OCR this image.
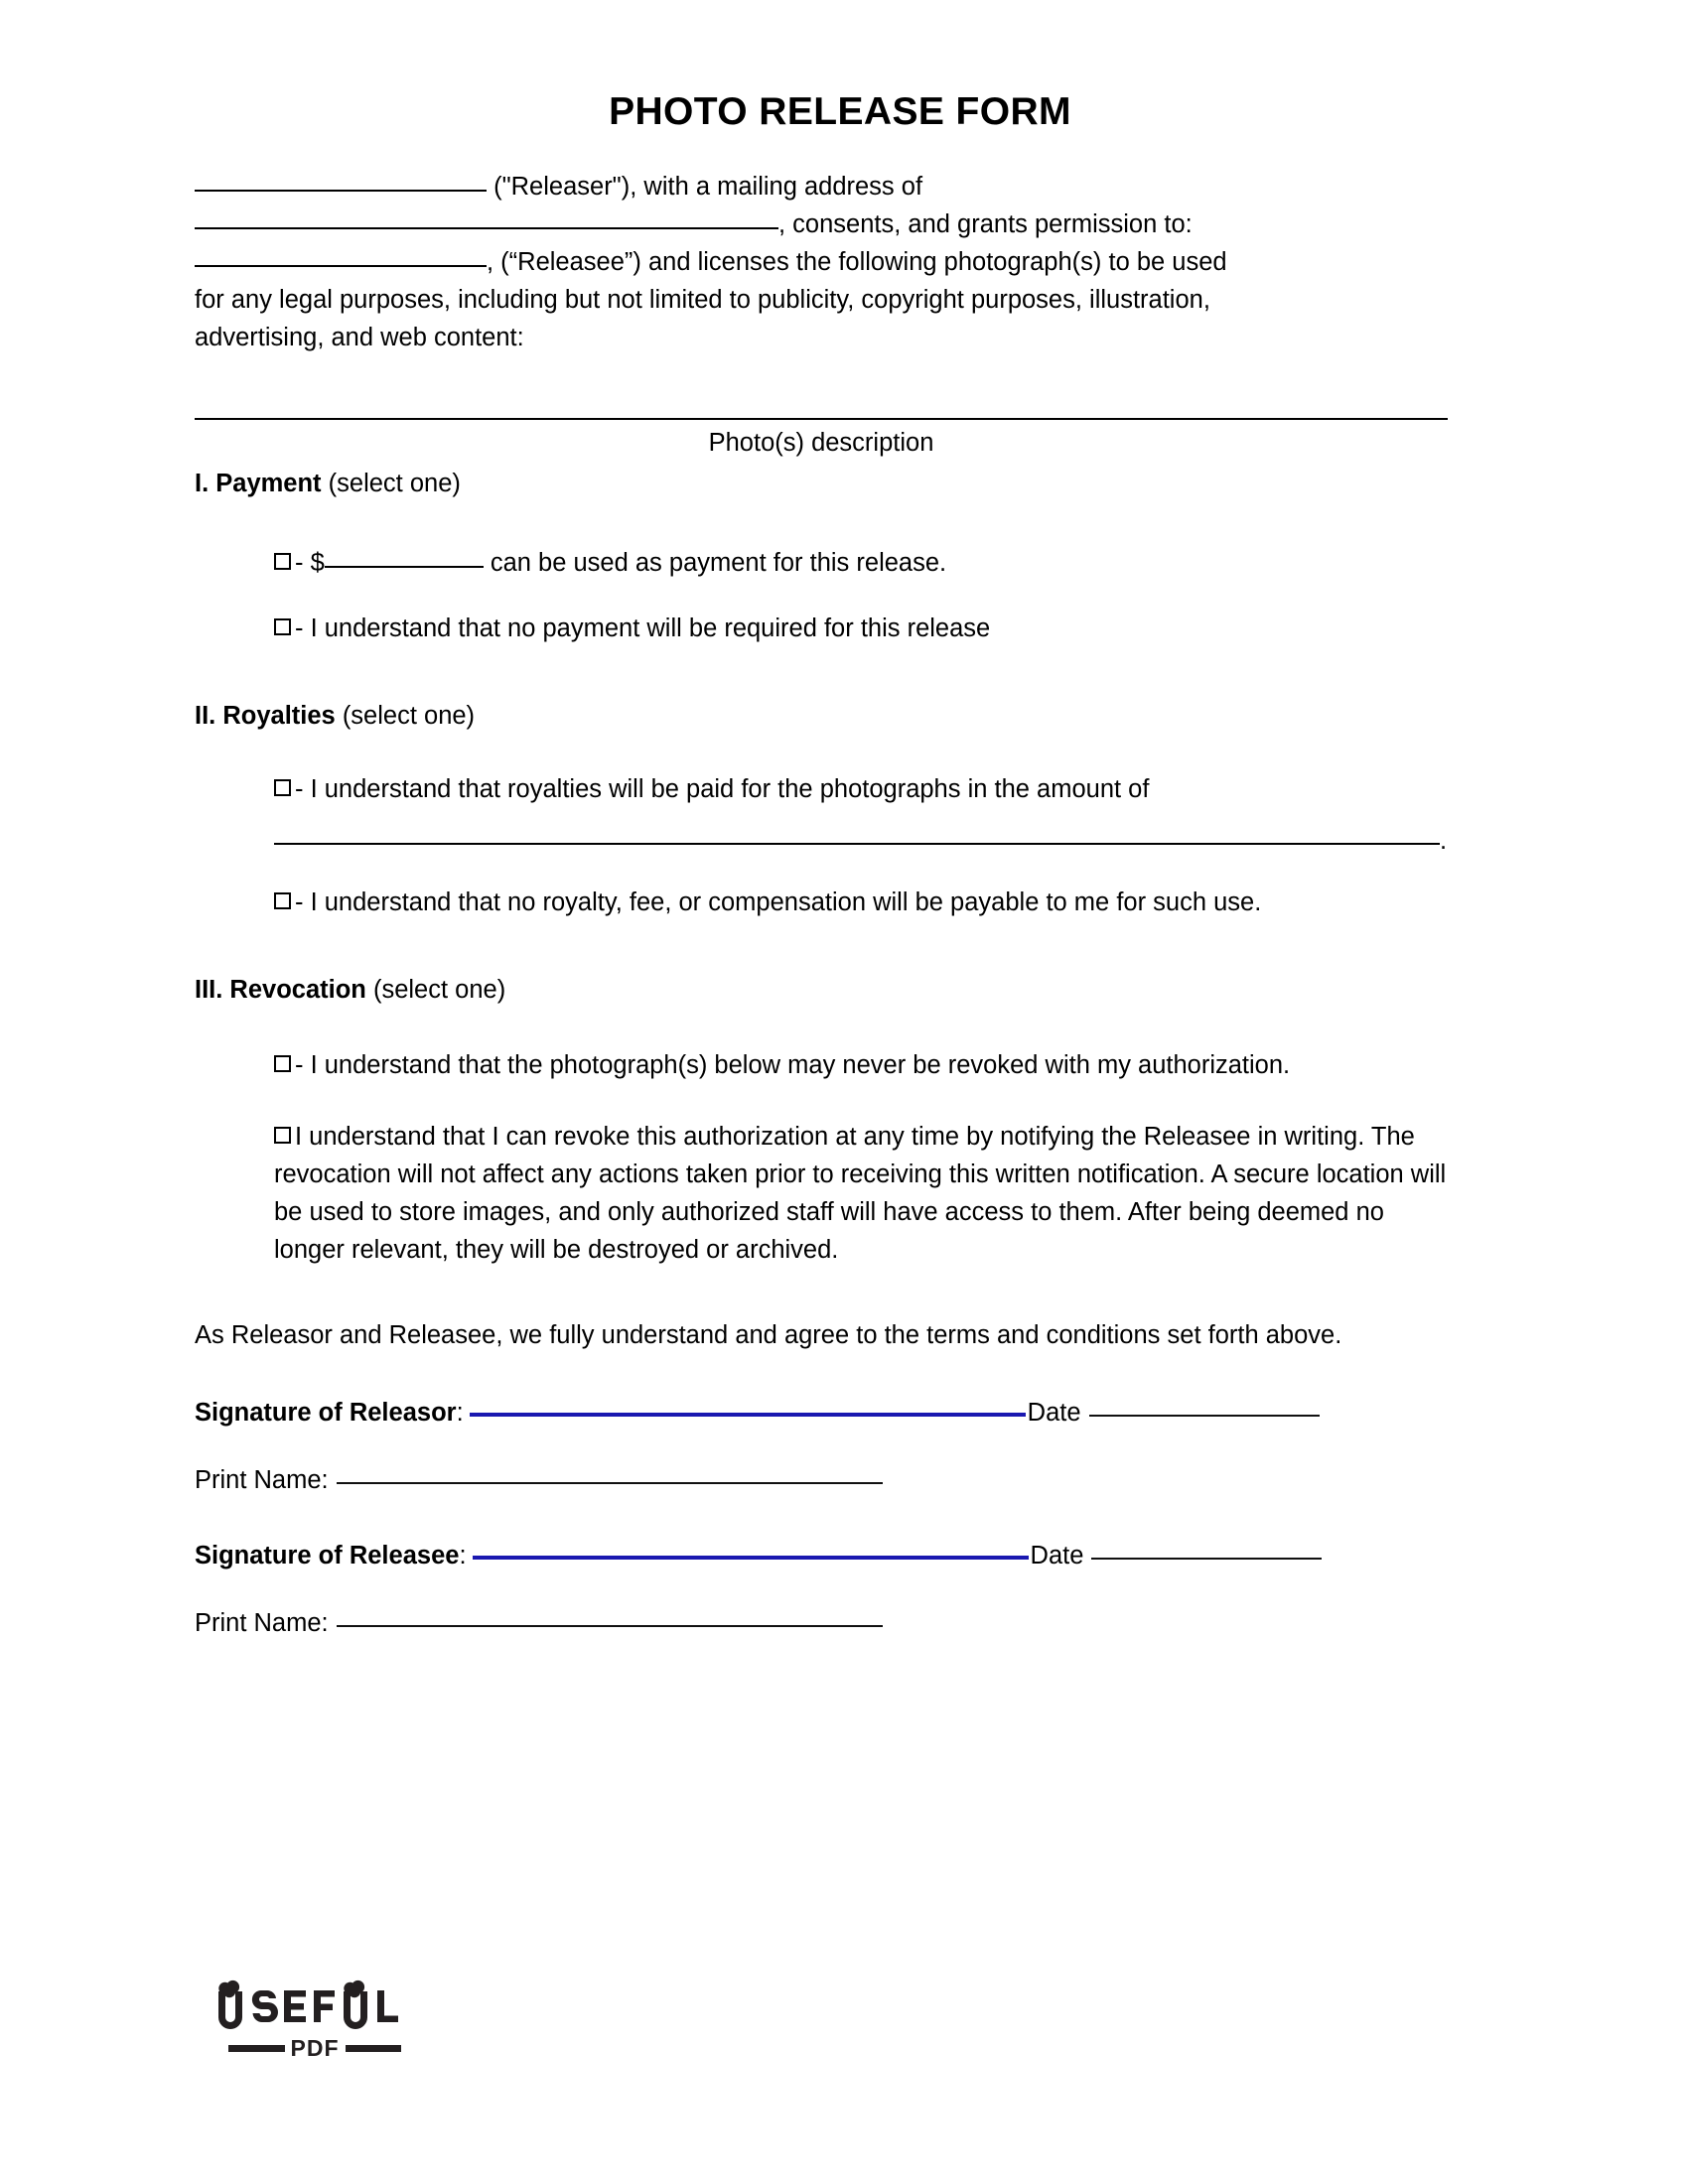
PHOTO RELEASE FORM
("Releaser"), with a mailing address of
, consents, and grants permission to:
, (“Releasee”) and licenses the following photograph(s) to be used
for any legal purposes, including but not limited to publicity, copyright purposes, illustration,
advertising, and web content:
Photo(s) description
I. Payment (select one)
- $	can be used as payment for this release.
- I understand that no payment will be required for this release
II. Royalties (select one)
- I understand that royalties will be paid for the photographs in the amount of
.
- I understand that no royalty, fee, or compensation will be payable to me for such use.
III. Revocation (select one)
- I understand that the photograph(s) below may never be revoked with my authorization.
I understand that I can revoke this authorization at any time by notifying the Releasee in writing. The revocation will not affect any actions taken prior to receiving this written notification. A secure location will be used to store images, and only authorized staff will have access to them. After being deemed no longer relevant, they will be destroyed or archived.
As Releasor and Releasee, we fully understand and agree to the terms and conditions set forth above.
Signature of Releasor:	Date
Print Name:
Signature of Releasee:	Date
Print Name:
PDF
